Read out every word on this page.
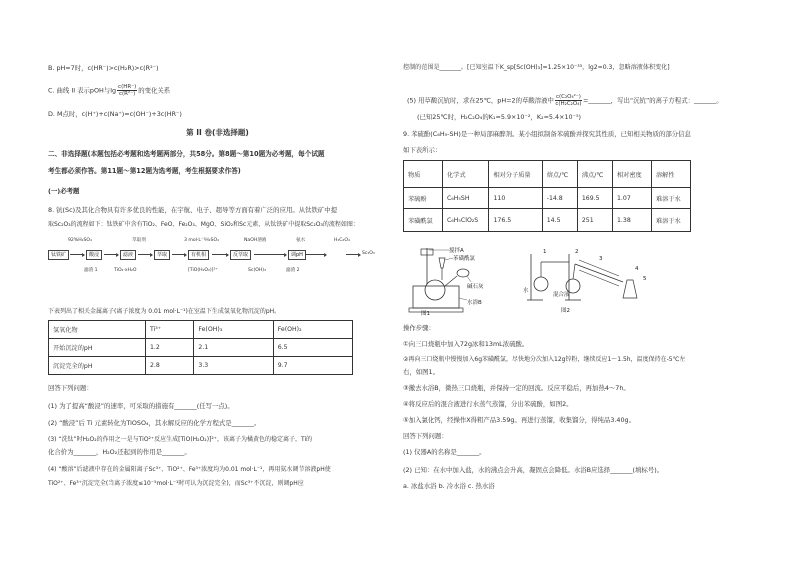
B. pH=7时，c(HR⁻)>c(H₂R)>c(R²⁻)
C. 曲线 II 表示pOH与$\lg \frac{c(HR^-)}{\text{c(R²⁻)}}$ 的变化关系
D. M点时，c(H⁺)+c(Na⁺)=c(OH⁻)+3c(HR⁻)
第 II 卷(非选择题)
二、非选择题(本题包括必考题和选考题两部分，共58分。第8题～第10题为必考题，每个试题
考生都必须作答。第11题～第12题为选考题，考生根据要求作答)
(一)必考题
8. 钪(Sc)及其化合物具有许多优良的性能，在宇航、电子、超导等方面有着广泛的应用。从钛铁矿中提
取Sc₂O₃的流程如下：钛铁矿中含有TiO₂、FeO、Fe₂O₃、MgO、SiO₂和Sc元素，从钛铁矿中提取Sc₂O₃的流程如图：
92%H₂SO₄	萃取剂	3 mol·L⁻¹H₂SO₄	NaOH溶液	氨水	H₂C₂O₄
钛铁矿	酸浸	滤液	萃取	有机相	反萃取	调pH	Sc₂O₃
滤渣 1	TiO₂·xH₂O	[TiO(H₂O₂)]²⁺	滤渣 2
Sc(OH)₃
下表列出了相关金属离子(离子浓度为 0.01 mol·L⁻¹)在室温下生成氢氧化物沉淀的pH。
氢氧化物	Ti³⁺	Fe(OH)₃	Fe(OH)₂
开始沉淀的pH	1.2	2.1	6.5
沉淀完全的pH	2.8	3.3	9.7
回答下列问题：
(1) 为了提高“酸浸”的速率，可采取的措施有_______(任写一点)。
(2) “酸浸”后 Ti 元素转化为TiOSO₄，其水解反应的化学方程式是_______。
(3) “洗钛”时H₂O₂的作用之一是与TiO²⁺反应生成[TiO(H₂O₂)]²⁺，该离子为橘黄色的稳定离子，Ti的
化合价为_______，H₂O₂还起到的作用是_______。
(4) “酸溶”后滤液中存在的金属阳离子Sc³⁺、TiO²⁺、Fe³⁺浓度均为0.01 mol·L⁻¹，再用氨水调节溶液pH使
TiO²⁺、Fe³⁺沉淀完全(当离子浓度≤10⁻⁵mol·L⁻¹时可认为沉淀完全)，而Sc³⁺不沉淀，则调pH应
控制的范围是_______。[已知室温下K_sp[Sc(OH)₃]=1.25×10⁻³³，lg2≈0.3，忽略溶液体积变化]
(5) 用草酸沉钪时，求在25℃，pH=2的草酸溶液中 $\frac{\text{c(C₂O₄²⁻)}}{\text{c(H₂C₂O₄)}}$ =_______，写出“沉钪”的离子方程式：_______。
(已知25℃时，H₂C₂O₄的K₁=5.9×10⁻²，K₂=5.4×10⁻⁵)
9. 苯硫酚(C₆H₅-SH)是一种局部麻醉剂。某小组拟制备苯硫酚并探究其性质，已知相关物质的部分信息
如下表所示：
物质	化学式	相对分子质量	熔点/℃	沸点/℃	相对密度	溶解性
苯硫酚	C₆H₅SH	110	-14.8	169.5	1.07	难溶于水
苯磺酰氯	C₆H₅ClO₂S	176.5	14.5	251	1.38	难溶于水
搅拌A
苯磺酰氯
碱石灰
水浴B
图1
1	2
3
4
5
水
混合液
图2
操作步骤：
①向三口烧瓶中加入72g冰和13mL浓硫酸。
②再向三口烧瓶中慢慢加入6g苯磺酰氯，尽快地分次加入12g锌粉，继续反应1～1.5h，温度保持在-5℃左
右，如图1。
③撤去水浴B，微热三口烧瓶，并保持一定的回流。反应平稳后，再加热4～7h。
④将反应后的混合液进行水蒸气蒸馏，分出苯硫酚，如图2。
⑤加入氯化钙，经操作X得粗产品3.59g。再进行蒸馏，收集馏分，得纯品3.40g。
回答下列问题：
(1) 仪器A的名称是_______。
(2) 已知：在水中加入盐，水的沸点会升高，凝固点会降低。水浴B应选择_______(填标号)。
a. 冰盐水浴 b. 冷水浴 c. 热水浴
